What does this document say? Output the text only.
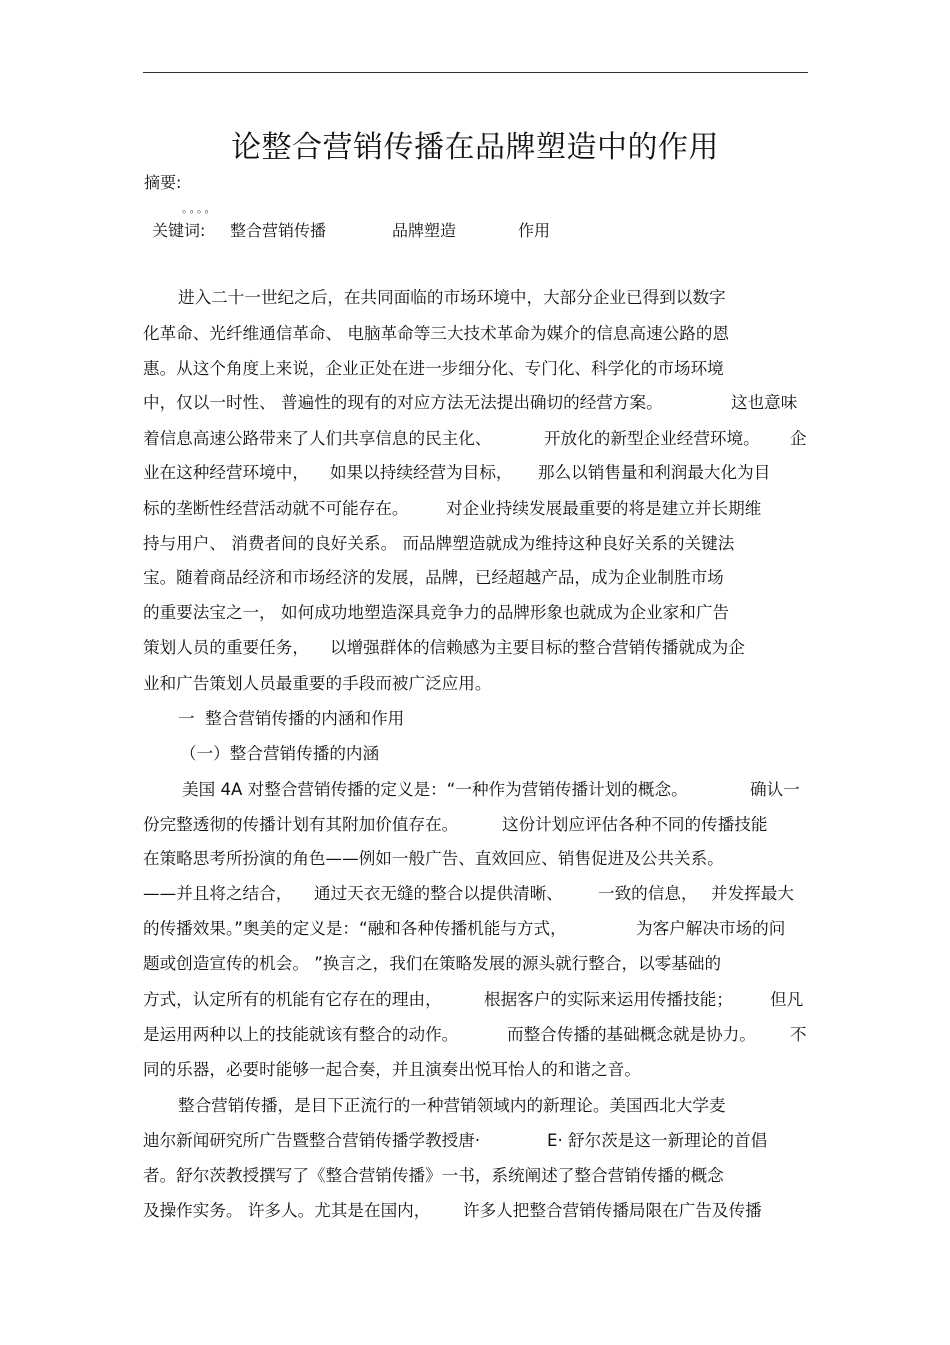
论整合营销传播在品牌塑造中的作用
摘要:
。。。。
关键词: 整合营销传播	品牌塑造	作用
进入二十一世纪之后，在共同面临的市场环境中，大部分企业已得到以数字
化革命、光纤维通信革命、 电脑革命等三大技术革命为媒介的信息高速公路的恩
惠。从这个角度上来说，企业正处在进一步细分化、专门化、科学化的市场环境
中，仅以一时性、 普遍性的现有的对应方法无法提出确切的经营方案。	这也意味
着信息高速公路带来了人们共享信息的民主化、	开放化的新型企业经营环境。 企
业在这种经营环境中， 如果以持续经营为目标， 那么以销售量和利润最大化为目
标的垄断性经营活动就不可能存在。 对企业持续发展最重要的将是建立并长期维
持与用户、 消费者间的良好关系。 而品牌塑造就成为维持这种良好关系的关键法
宝。随着商品经济和市场经济的发展，品牌，已经超越产品，成为企业制胜市场
的重要法宝之一， 如何成功地塑造深具竞争力的品牌形象也就成为企业家和广告
策划人员的重要任务， 以增强群体的信赖感为主要目标的整合营销传播就成为企
业和广告策划人员最重要的手段而被广泛应用。
一  整合营销传播的内涵和作用
（一）整合营销传播的内涵
美国 4A 对整合营销传播的定义是：“一种作为营销传播计划的概念。	确认一
份完整透彻的传播计划有其附加价值存在。	这份计划应评估各种不同的传播技能
在策略思考所扮演的角色——例如一般广告、直效回应、销售促进及公共关系。
——并且将之结合， 通过天衣无缝的整合以提供清晰、 一致的信息， 并发挥最大
的传播效果。”奥美的定义是：“融和各种传播机能与方式，	为客户解决市场的问
题或创造宣传的机会。 ”换言之，我们在策略发展的源头就行整合，以零基础的
方式，认定所有的机能有它存在的理由，	根据客户的实际来运用传播技能； 但凡
是运用两种以上的技能就该有整合的动作。	而整合传播的基础概念就是协力。 不
同的乐器，必要时能够一起合奏，并且演奏出悦耳怡人的和谐之音。
整合营销传播，是目下正流行的一种营销领域内的新理论。美国西北大学麦
迪尔新闻研究所广告暨整合营销传播学教授唐·	E· 舒尔茨是这一新理论的首倡
者。舒尔茨教授撰写了《整合营销传播》一书，系统阐述了整合营销传播的概念
及操作实务。 许多人。尤其是在国内， 许多人把整合营销传播局限在广告及传播
